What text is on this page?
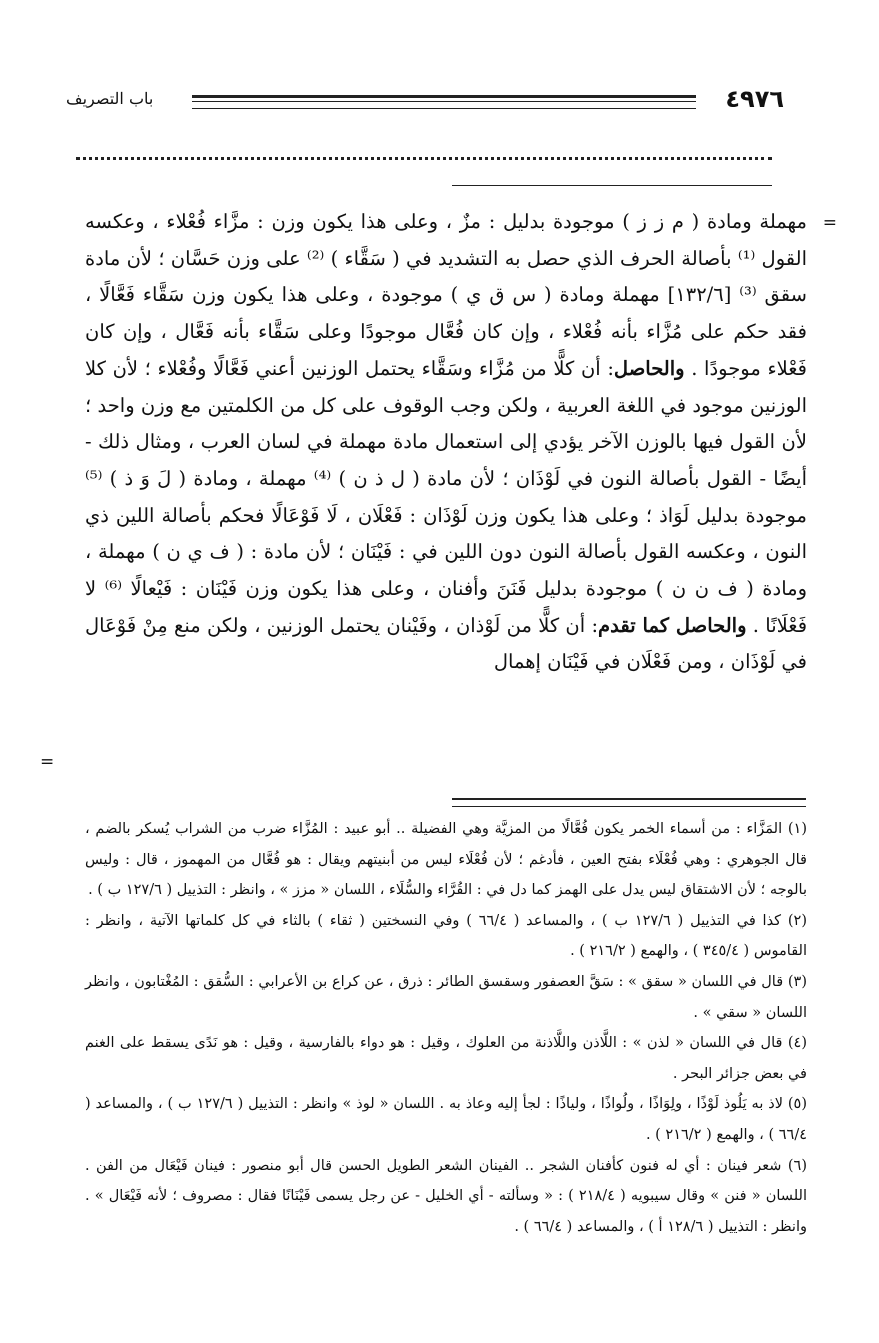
٤٩٧٦
باب التصريف
=

مهملة ومادة ( م ز ز ) موجودة بدليل : مزٌ ، وعلى هذا يكون وزن : مزَّاء فُعْلاء ، وعكسه القول ⁽¹⁾ بأصالة الحرف الذي حصل به التشديد في ( سَقَّاء ) ⁽²⁾ على وزن حَسَّان ؛ لأن مادة سقق ⁽³⁾ [١٣٢/٦] مهملة ومادة ( س ق ي ) موجودة ، وعلى هذا يكون وزن سَقَّاء فَعَّالًا ، فقد حكم على مُزَّاء بأنه فُعْلاء ، وإن كان فُعَّال موجودًا وعلى سَقَّاء بأنه فَعَّال ، وإن كان فَعْلاء موجودًا . والحاصل: أن كلًّا من مُزَّاء وسَقَّاء يحتمل الوزنين أعني فَعَّالًا وفُعْلاء ؛ لأن كلا الوزنين موجود في اللغة العربية ، ولكن وجب الوقوف على كل من الكلمتين مع وزن واحد ؛ لأن القول فيها بالوزن الآخر يؤدي إلى استعمال مادة مهملة في لسان العرب ، ومثال ذلك - أيضًا - القول بأصالة النون في لَوْذَان ؛ لأن مادة ( ل ذ ن ) ⁽⁴⁾ مهملة ، ومادة ( لَ وَ ذ ) ⁽⁵⁾ موجودة بدليل لَوَاذ ؛ وعلى هذا يكون وزن لَوْذَان : فَعْلَان ، لَا فَوْعَالًا فحكم بأصالة اللين ذي النون ، وعكسه القول بأصالة النون دون اللين في : فَيْنَان ؛ لأن مادة : ( ف ي ن ) مهملة ، ومادة ( ف ن ن ) موجودة بدليل فَنَنَ وأفنان ، وعلى هذا يكون وزن فَيْنَان : فَيْعالًا ⁽⁶⁾ لا فَعْلَانًا . والحاصل كما تقدم: أن كلًّا من لَوْذان ، وفَيْنان يحتمل الوزنين ، ولكن منع مِنْ فَوْعَال في لَوْذَان ، ومن فَعْلَان في فَيْنَان إهمال

=

(١) المَزَّاء : من أسماء الخمر يكون فُعَّالًا من المزيَّة وهي الفضيلة .. أبو عبيد : المُزَّاء ضرب من الشراب يُسكر بالضم ، قال الجوهري : وهي فُعْلَاء بفتح العين ، فأدغم ؛ لأن فُعْلَاء ليس من أبنيتهم ويقال : هو فُعَّال من المهموز ، قال : وليس بالوجه ؛ لأن الاشتقاق ليس يدل على الهمز كما دل في : القُرَّاء والسُّلَاء ، اللسان « مزز » ، وانظر : التذييل ( ١٢٧/٦ ب ) .

(٢) كذا في التذييل ( ١٢٧/٦ ب ) ، والمساعد ( ٦٦/٤ ) وفي النسختين ( ثقاء ) بالثاء في كل كلماتها الآتية ، وانظر : القاموس ( ٣٤٥/٤ ) ، والهمع ( ٢١٦/٢ ) .

(٣) قال في اللسان « سقق » : سَقَّ العصفور وسقسق الطائر : ذرق ، عن كراع بن الأعرابي : السُّقق : المُغْتابون ، وانظر اللسان « سقي » .

(٤) قال في اللسان « لذن » : اللَّاذن واللَّاذنة من العلوك ، وقيل : هو دواء بالفارسية ، وقيل : هو نَدًى يسقط على الغنم في بعض جزائر البحر .

(٥) لاذ به يَلُوذ لَوْذًا ، ولِوَاذًا ، ولُواذًا ، ولياذًا : لجأ إليه وعاذ به . اللسان « لوذ » وانظر : التذييل ( ١٢٧/٦ ب ) ، والمساعد ( ٦٦/٤ ) ، والهمع ( ٢١٦/٢ ) .

(٦) شعر فينان : أي له فنون كأفنان الشجر .. الفينان الشعر الطويل الحسن قال أبو منصور : فينان فَيْعَال من الفن . اللسان « فنن » وقال سيبويه ( ٢١٨/٤ ) : « وسألته - أي الخليل - عن رجل يسمى فَيْنَانًا فقال : مصروف ؛ لأنه فَيْعَال » . وانظر : التذييل ( ١٢٨/٦ أ ) ، والمساعد ( ٦٦/٤ ) .
